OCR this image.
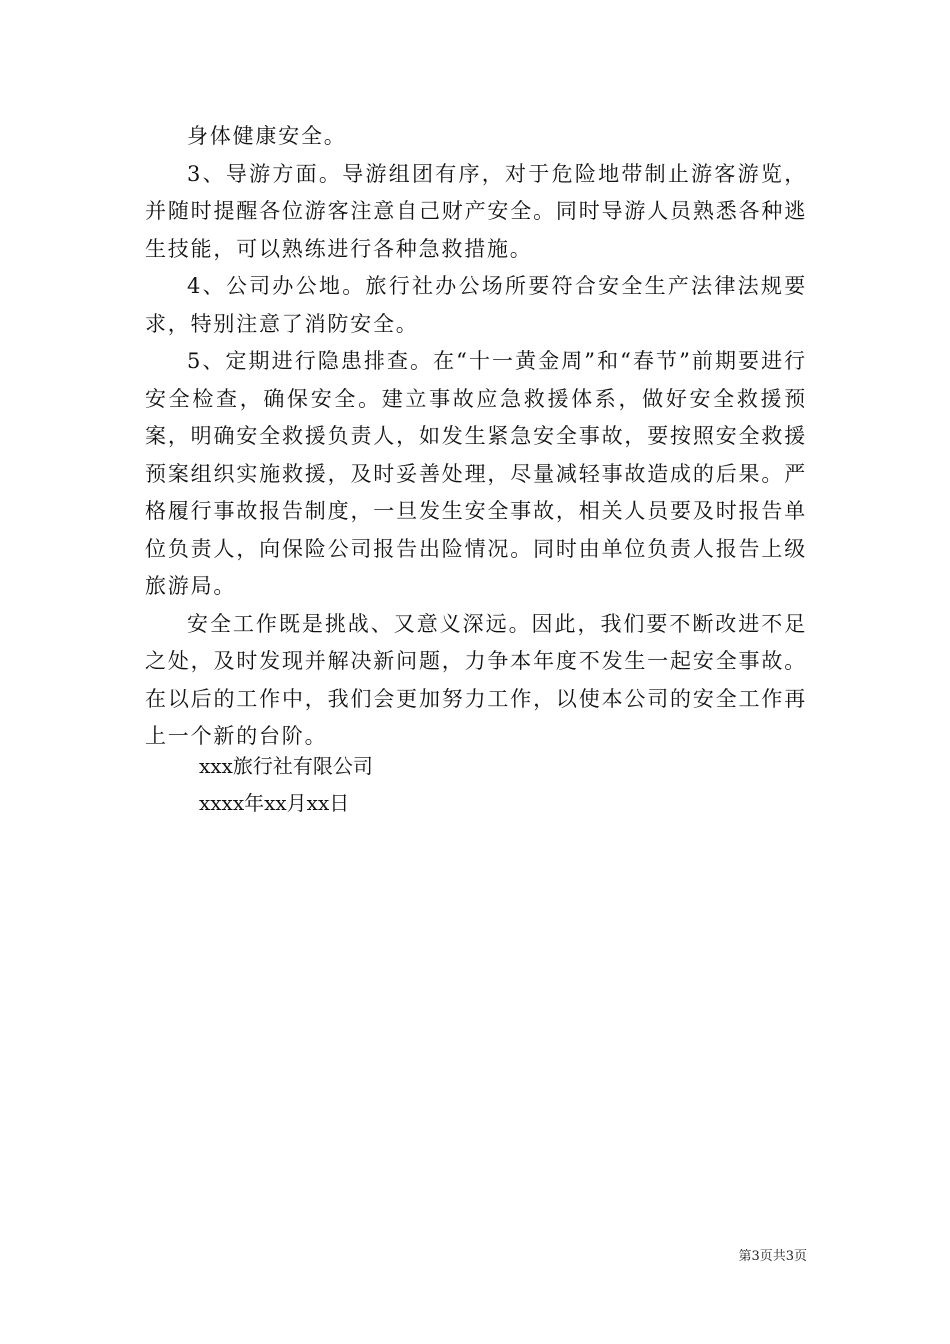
身体健康安全。

3、导游方面。导游组团有序，对于危险地带制止游客游览，并随时提醒各位游客注意自己财产安全。同时导游人员熟悉各种逃生技能，可以熟练进行各种急救措施。

4、公司办公地。旅行社办公场所要符合安全生产法律法规要求，特别注意了消防安全。

5、定期进行隐患排查。在“十一黄金周”和“春节”前期要进行安全检查，确保安全。建立事故应急救援体系，做好安全救援预案，明确安全救援负责人，如发生紧急安全事故，要按照安全救援预案组织实施救援，及时妥善处理，尽量减轻事故造成的后果。严格履行事故报告制度，一旦发生安全事故，相关人员要及时报告单位负责人，向保险公司报告出险情况。同时由单位负责人报告上级旅游局。

安全工作既是挑战、又意义深远。因此，我们要不断改进不足之处，及时发现并解决新问题，力争本年度不发生一起安全事故。在以后的工作中，我们会更加努力工作，以使本公司的安全工作再上一个新的台阶。

xxx旅行社有限公司
xxxx年xx月xx日
第3页共3页
